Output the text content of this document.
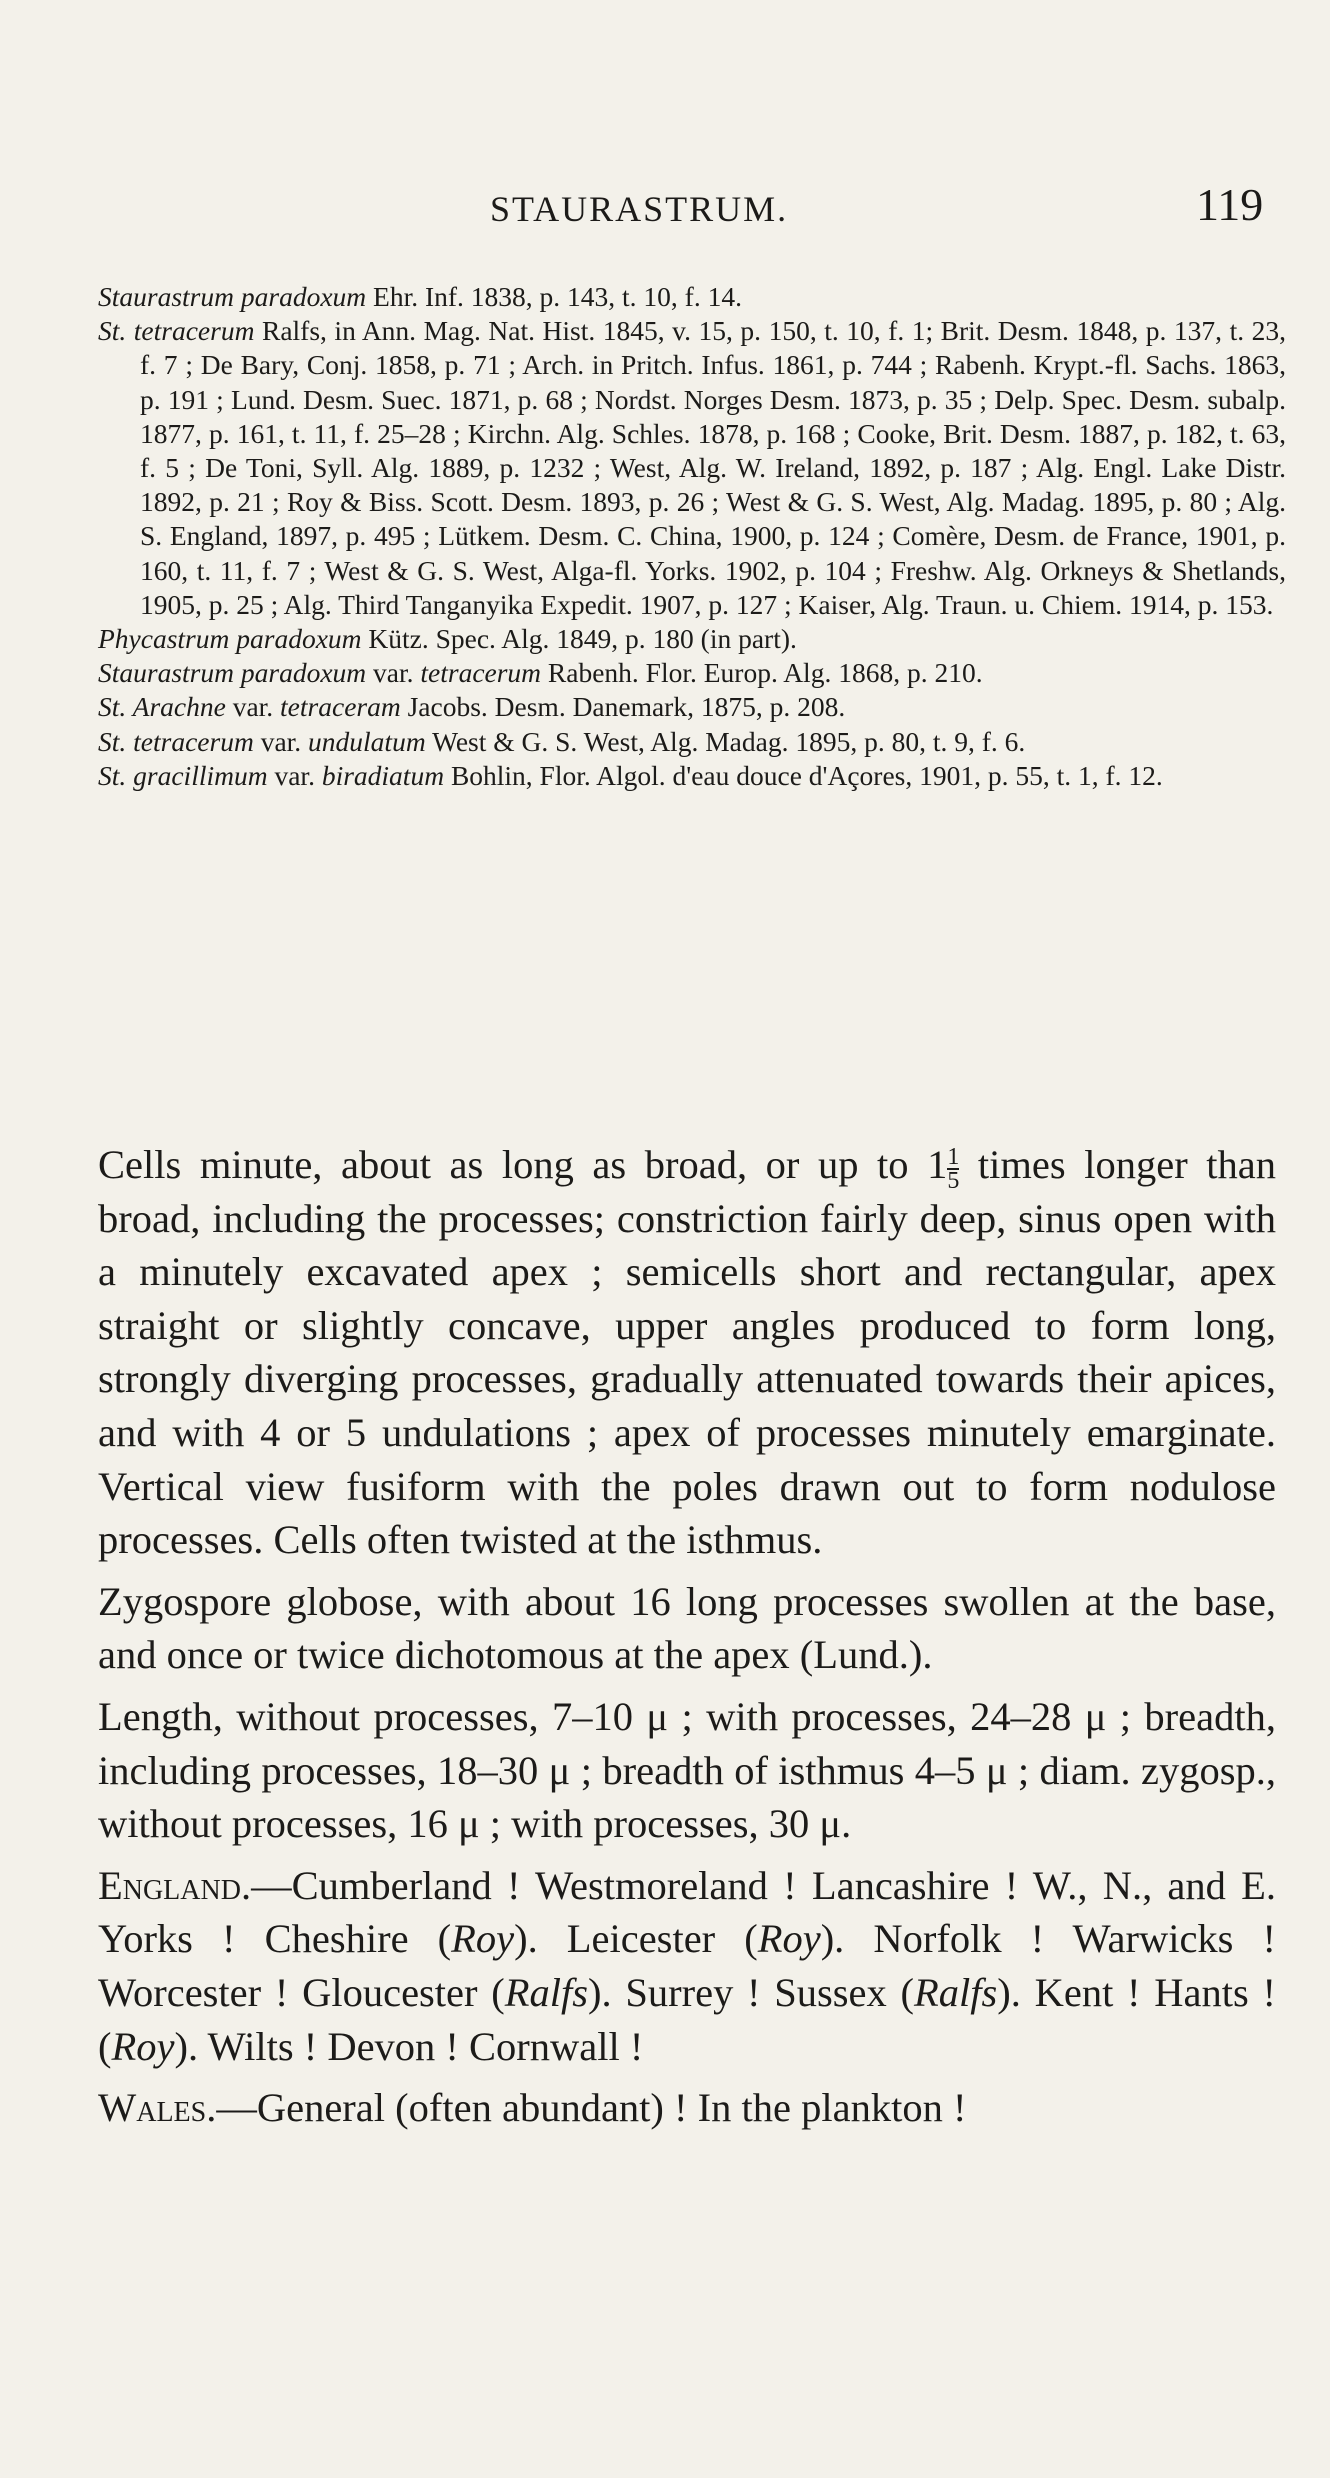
STAURASTRUM.	119
Staurastrum paradoxum Ehr. Inf. 1838, p. 143, t. 10, f. 14.
St. tetracerum Ralfs, in Ann. Mag. Nat. Hist. 1845, v. 15, p. 150, t. 10, f. 1; Brit. Desm. 1848, p. 137, t. 23, f. 7 ; De Bary, Conj. 1858, p. 71 ; Arch. in Pritch. Infus. 1861, p. 744 ; Rabenh. Krypt.-fl. Sachs. 1863, p. 191 ; Lund. Desm. Suec. 1871, p. 68 ; Nordst. Norges Desm. 1873, p. 35 ; Delp. Spec. Desm. subalp. 1877, p. 161, t. 11, f. 25–28 ; Kirchn. Alg. Schles. 1878, p. 168 ; Cooke, Brit. Desm. 1887, p. 182, t. 63, f. 5 ; De Toni, Syll. Alg. 1889, p. 1232 ; West, Alg. W. Ireland, 1892, p. 187 ; Alg. Engl. Lake Distr. 1892, p. 21 ; Roy & Biss. Scott. Desm. 1893, p. 26 ; West & G. S. West, Alg. Madag. 1895, p. 80 ; Alg. S. England, 1897, p. 495 ; Lütkem. Desm. C. China, 1900, p. 124 ; Comère, Desm. de France, 1901, p. 160, t. 11, f. 7 ; West & G. S. West, Alga-fl. Yorks. 1902, p. 104 ; Freshw. Alg. Orkneys & Shetlands, 1905, p. 25 ; Alg. Third Tanganyika Expedit. 1907, p. 127 ; Kaiser, Alg. Traun. u. Chiem. 1914, p. 153.
Phycastrum paradoxum Kütz. Spec. Alg. 1849, p. 180 (in part).
Staurastrum paradoxum var. tetracerum Rabenh. Flor. Europ. Alg. 1868, p. 210.
St. Arachne var. tetraceram Jacobs. Desm. Danemark, 1875, p. 208.
St. tetracerum var. undulatum West & G. S. West, Alg. Madag. 1895, p. 80, t. 9, f. 6.
St. gracillimum var. biradiatum Bohlin, Flor. Algol. d'eau douce d'Açores, 1901, p. 55, t. 1, f. 12.

Cells minute, about as long as broad, or up to $1 \frac{1}{5}$ times longer than broad, including the processes; constriction fairly deep, sinus open with a minutely excavated apex ; semicells short and rectangular, apex straight or slightly concave, upper angles produced to form long, strongly diverging processes, gradually attenuated towards their apices, and with 4 or 5 undulations ; apex of processes minutely emarginate. Vertical view fusiform with the poles drawn out to form nodulose processes. Cells often twisted at the isthmus.

Zygospore globose, with about 16 long processes swollen at the base, and once or twice dichotomous at the apex (Lund.).

Length, without processes, 7–10 μ ; with processes, 24–28 μ ; breadth, including processes, 18–30 μ ; breadth of isthmus 4–5 μ ; diam. zygosp., without processes, 16 μ ; with processes, 30 μ.

England.—Cumberland ! Westmoreland ! Lancashire ! W., N., and E. Yorks ! Cheshire (Roy). Leicester (Roy). Norfolk ! Warwicks ! Worcester ! Gloucester (Ralfs). Surrey ! Sussex (Ralfs). Kent ! Hants ! (Roy). Wilts ! Devon ! Cornwall !

Wales.—General (often abundant) ! In the plankton !
